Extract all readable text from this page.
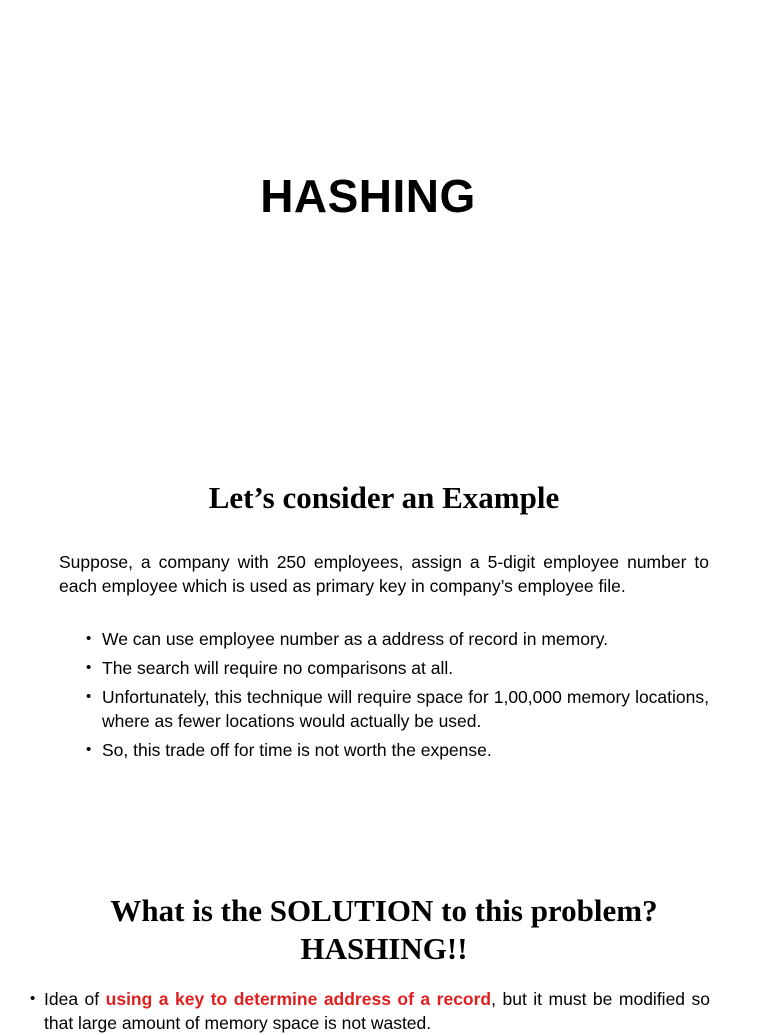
HASHING
Let’s consider an Example

Suppose, a company with 250 employees, assign a 5-digit employee number to each employee which is used as primary key in company’s employee file.

• We can use employee number as a address of record in memory.
• The search will require no comparisons at all.
• Unfortunately, this technique will require space for 1,00,000 memory locations, where as fewer locations would actually be used.
• So, this trade off for time is not worth the expense.
What is the SOLUTION to this problem?
HASHING!!
• Idea of using a key to determine address of a record, but it must be modified so that large amount of memory space is not wasted.
